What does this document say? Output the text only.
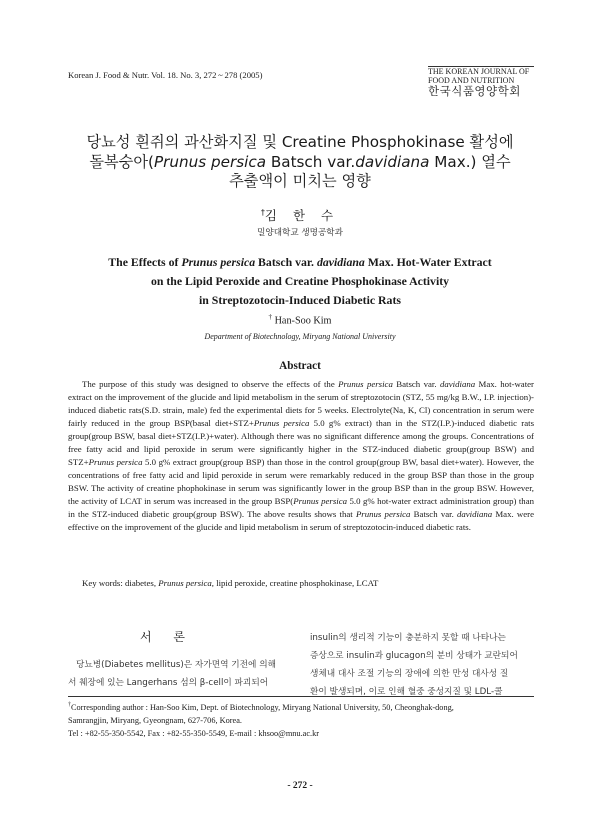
Korean J. Food & Nutr. Vol. 18. No. 3, 272 ~ 278 (2005)	THE KOREAN JOURNAL OF
FOOD AND NUTRITION
한국식품영양학회
당뇨성 흰쥐의 과산화지질 및 Creatine Phosphokinase 활성에
돌복숭아(Prunus persica Batsch var.davidiana Max.) 열수
추출액이 미치는 영향
†김 한 수
밀양대학교 생명공학과
The Effects of Prunus persica Batsch var. davidiana Max. Hot-Water Extract
on the Lipid Peroxide and Creatine Phosphokinase Activity
in Streptozotocin-Induced Diabetic Rats
† Han-Soo Kim
Department of Biotechnology, Miryang National University
Abstract

The purpose of this study was designed to observe the effects of the Prunus persica Batsch var. davidiana Max. hot-water extract on the improvement of the glucide and lipid metabolism in the serum of streptozotocin (STZ, 55 mg/kg B.W., I.P. injection)-induced diabetic rats(S.D. strain, male) fed the experimental diets for 5 weeks. Electrolyte(Na, K, Cl) concentration in serum were fairly reduced in the group BSP(basal diet+STZ+Prunus persica 5.0 g% extract) than in the STZ(I.P.)-induced diabetic rats group(group BSW, basal diet+STZ(I.P.)+water). Although there was no significant difference among the groups. Concentrations of free fatty acid and lipid peroxide in serum were significantly higher in the STZ-induced diabetic group(group BSW) and STZ+Prunus persica 5.0 g% extract group(group BSP) than those in the control group(group BW, basal diet+water). However, the concentrations of free fatty acid and lipid peroxide in serum were remarkably reduced in the group BSP than those in the group BSW. The activity of creatine phophokinase in serum was significantly lower in the group BSP than in the group BSW. However, the activity of LCAT in serum was increased in the group BSP(Prunus persica 5.0 g% hot-water extract administration group) than in the STZ-induced diabetic group(group BSW). The above results shows that Prunus persica Batsch var. davidiana Max. were effective on the improvement of the glucide and lipid metabolism in serum of streptozotocin-induced diabetic rats.

Key words: diabetes, Prunus persica, lipid peroxide, creatine phosphokinase, LCAT
서 론
당뇨병(Diabetes mellitus)은 자가면역 기전에 의해
서 췌장에 있는 Langerhans 섬의 β-cell이 파괴되어
insulin의 생리적 기능이 충분하지 못할 때 나타나는
증상으로 insulin과 glucagon의 분비 상태가 교란되어
생체내 대사 조절 기능의 장애에 의한 만성 대사성 질
환이 발생되며, 이로 인해 혈중 중성지질 및 LDL-콜
†Corresponding author : Han-Soo Kim, Dept. of Biotechnology, Miryang National University, 50, Cheonghak-dong,
Samrangjin, Miryang, Gyeongnam, 627-706, Korea.
Tel : +82-55-350-5542, Fax : +82-55-350-5549, E-mail : khsoo@mnu.ac.kr
- 272 -
